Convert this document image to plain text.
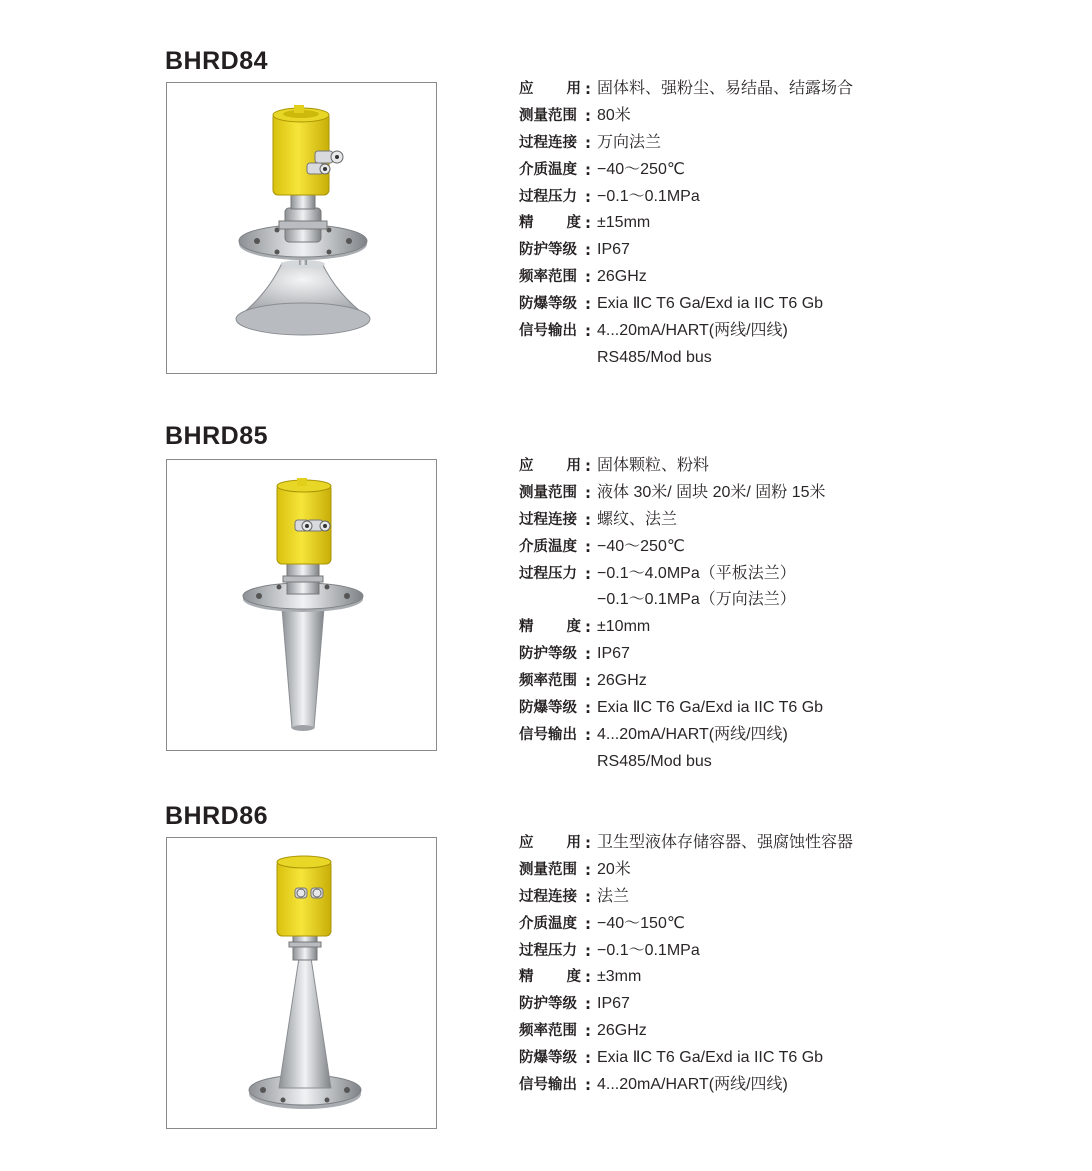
BHRD84
应　　用 : 固体料、强粉尘、易结晶、结露场合
测量范围 : 80米
过程连接 : 万向法兰
介质温度 : −40～250℃
过程压力 : −0.1～0.1MPa
精　　度 : ±15mm
防护等级 : IP67
频率范围 : 26GHz
防爆等级 : Exia ⅡC T6 Ga/Exd ia IIC T6 Gb
信号输出 : 4...20mA/HART(两线/四线)
RS485/Mod bus
BHRD85
应　　用 : 固体颗粒、粉料
测量范围 : 液体 30米/ 固块 20米/ 固粉 15米
过程连接 : 螺纹、法兰
介质温度 : −40～250℃
过程压力 : −0.1～4.0MPa（平板法兰）
−0.1～0.1MPa（万向法兰）
精　　度 : ±10mm
防护等级 : IP67
频率范围 : 26GHz
防爆等级 : Exia ⅡC T6 Ga/Exd ia IIC T6 Gb
信号输出 : 4...20mA/HART(两线/四线)
RS485/Mod bus
BHRD86
应　　用 : 卫生型液体存储容器、强腐蚀性容器
测量范围 : 20米
过程连接 : 法兰
介质温度 : −40～150℃
过程压力 : −0.1～0.1MPa
精　　度 : ±3mm
防护等级 : IP67
频率范围 : 26GHz
防爆等级 : Exia ⅡC T6 Ga/Exd ia IIC T6 Gb
信号输出 : 4...20mA/HART(两线/四线)
